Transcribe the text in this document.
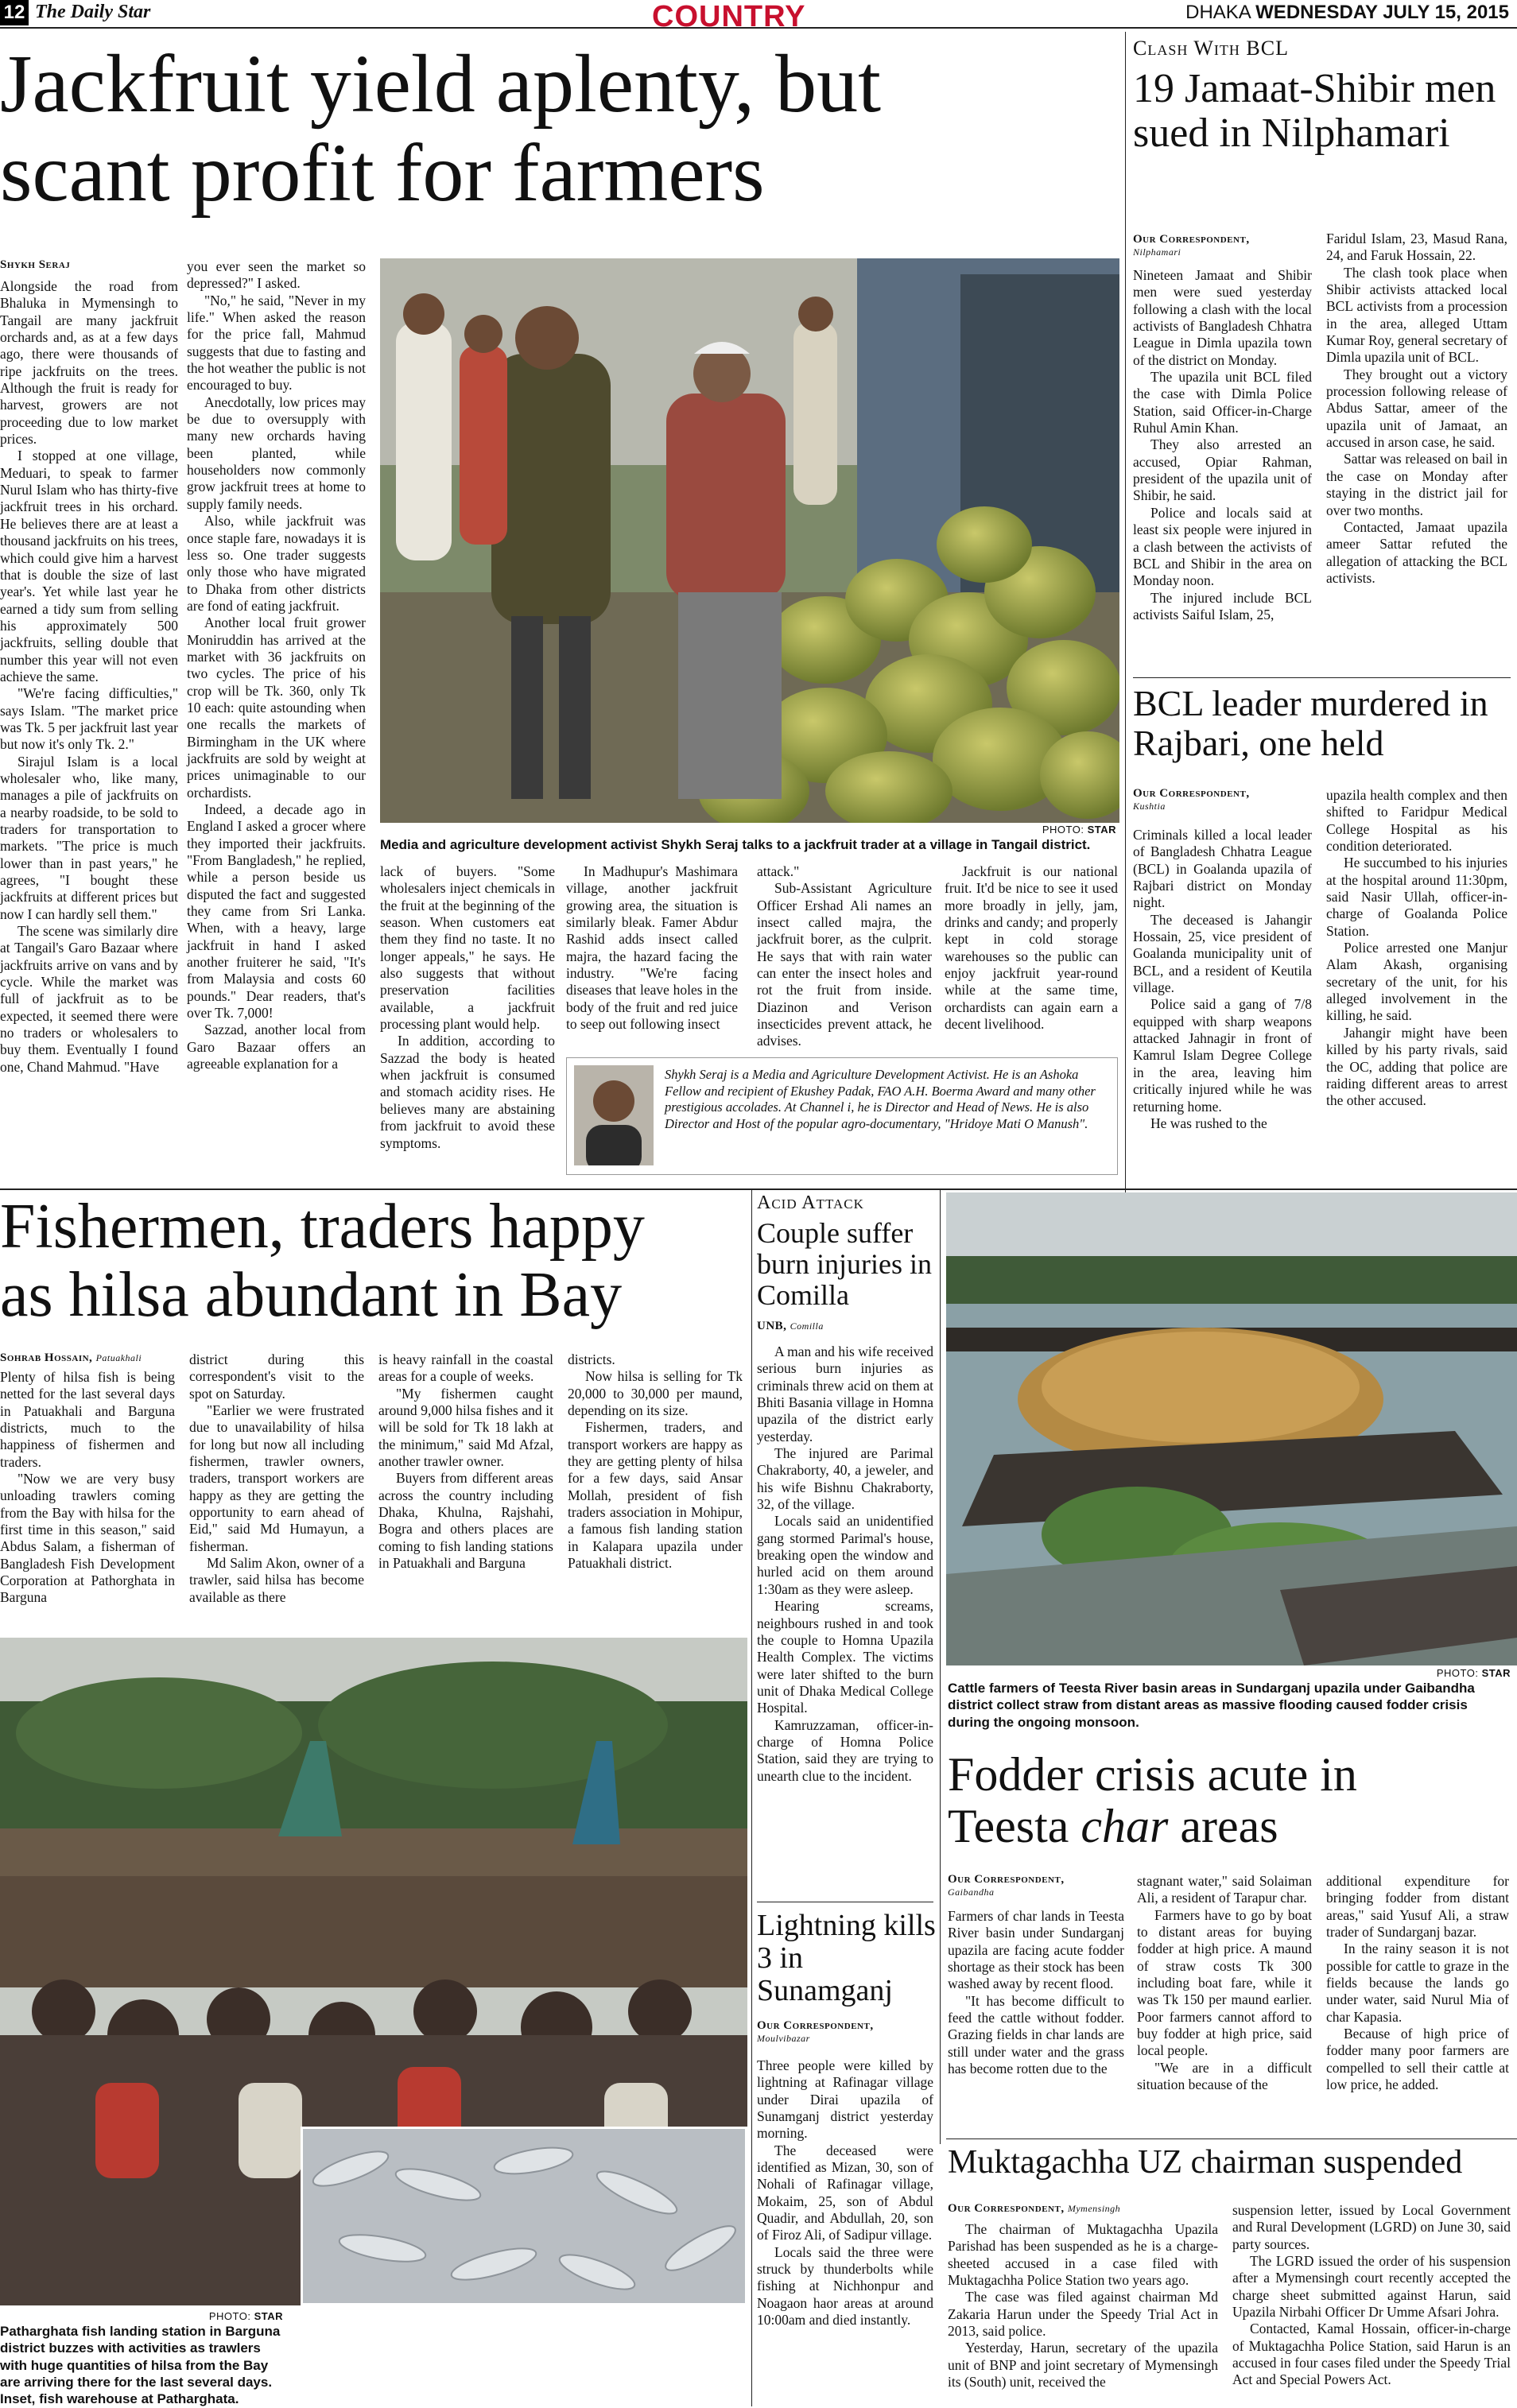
12 The Daily Star	COUNTRY	DHAKA WEDNESDAY JULY 15, 2015
Jackfruit yield aplenty, but
scant profit for farmers
Shykh Seraj

Alongside the road from Bhaluka in Mymensingh to Tangail are many jackfruit orchards and, as at a few days ago, there were thousands of ripe jackfruits on the trees. Although the fruit is ready for harvest, growers are not proceeding due to low market prices.

I stopped at one village, Meduari, to speak to farmer Nurul Islam who has thirty-five jackfruit trees in his orchard. He believes there are at least a thousand jackfruits on his trees, which could give him a harvest that is double the size of last year's. Yet while last year he earned a tidy sum from selling his approximately 500 jackfruits, selling double that number this year will not even achieve the same.

"We're facing difficulties," says Islam. "The market price was Tk. 5 per jackfruit last year but now it's only Tk. 2."

Sirajul Islam is a local wholesaler who, like many, manages a pile of jackfruits on a nearby roadside, to be sold to traders for transportation to markets. "The price is much lower than in past years," he agrees, "I bought these jackfruits at different prices but now I can hardly sell them."

The scene was similarly dire at Tangail's Garo Bazaar where jackfruits arrive on vans and by cycle. While the market was full of jackfruit as to be expected, it seemed there were no traders or wholesalers to buy them. Eventually I found one, Chand Mahmud. "Have

you ever seen the market so depressed?" I asked.

"No," he said, "Never in my life." When asked the reason for the price fall, Mahmud suggests that due to fasting and the hot weather the public is not encouraged to buy.

Anecdotally, low prices may be due to oversupply with many new orchards having been planted, while householders now commonly grow jackfruit trees at home to supply family needs.

Also, while jackfruit was once staple fare, nowadays it is less so. One trader suggests only those who have migrated to Dhaka from other districts are fond of eating jackfruit.

Another local fruit grower Moniruddin has arrived at the market with 36 jackfruits on two cycles. The price of his crop will be Tk. 360, only Tk 10 each: quite astounding when one recalls the markets of Birmingham in the UK where jackfruits are sold by weight at prices unimaginable to our orchardists.

Indeed, a decade ago in England I asked a grocer where they imported their jackfruits. "From Bangladesh," he replied, while a person beside us disputed the fact and suggested they came from Sri Lanka. When, with a heavy, large jackfruit in hand I asked another fruiterer he said, "It's from Malaysia and costs 60 pounds." Dear readers, that's over Tk. 7,000!

Sazzad, another local from Garo Bazaar offers an agreeable explanation for a

PHOTO: STAR
Media and agriculture development activist Shykh Seraj talks to a jackfruit trader at a village in Tangail district.

lack of buyers. "Some wholesalers inject chemicals in the fruit at the beginning of the season. When customers eat them they find no taste. It no longer appeals," he says. He also suggests that without preservation facilities available, a jackfruit processing plant would help.

In addition, according to Sazzad the body is heated when jackfruit is consumed and stomach acidity rises. He believes many are abstaining from jackfruit to avoid these symptoms.

In Madhupur's Mashimara village, another jackfruit growing area, the situation is similarly bleak. Famer Abdur Rashid adds insect called majra, the hazard facing the industry. "We're facing diseases that leave holes in the body of the fruit and red juice to seep out following insect

attack."

Sub-Assistant Agriculture Officer Ershad Ali names an insect called majra, the jackfruit borer, as the culprit. He says that with rain water can enter the insect holes and rot the fruit from inside. Diazinon and Verison insecticides prevent attack, he advises.

Jackfruit is our national fruit. It'd be nice to see it used more broadly in jelly, jam, drinks and candy; and properly kept in cold storage warehouses so the public can enjoy jackfruit year-round while at the same time, orchardists can again earn a decent livelihood.

Shykh Seraj is a Media and Agriculture Development Activist. He is an Ashoka Fellow and recipient of Ekushey Padak, FAO A.H. Boerma Award and many other prestigious accolades. At Channel i, he is Director and Head of News. He is also Director and Host of the popular agro-documentary, "Hridoye Mati O Manush".
Clash With BCL
19 Jamaat-Shibir men sued in Nilphamari
Our Correspondent,
Nilphamari

Nineteen Jamaat and Shibir men were sued yesterday following a clash with the local activists of Bangladesh Chhatra League in Dimla upazila town of the district on Monday.

The upazila unit BCL filed the case with Dimla Police Station, said Officer-in-Charge Ruhul Amin Khan.

They also arrested an accused, Opiar Rahman, president of the upazila unit of Shibir, he said.

Police and locals said at least six people were injured in a clash between the activists of BCL and Shibir in the area on Monday noon.

The injured include BCL activists Saiful Islam, 25,

Faridul Islam, 23, Masud Rana, 24, and Faruk Hossain, 22.

The clash took place when Shibir activists attacked local BCL activists from a procession in the area, alleged Uttam Kumar Roy, general secretary of Dimla upazila unit of BCL.

They brought out a victory procession following release of Abdus Sattar, ameer of the upazila unit of Jamaat, an accused in arson case, he said.

Sattar was released on bail in the case on Monday after staying in the district jail for over two months.

Contacted, Jamaat upazila ameer Sattar refuted the allegation of attacking the BCL activists.

BCL leader murdered in Rajbari, one held
Our Correspondent,
Kushtia

Criminals killed a local leader of Bangladesh Chhatra League (BCL) in Goalanda upazila of Rajbari district on Monday night.

The deceased is Jahangir Hossain, 25, vice president of Goalanda municipality unit of BCL, and a resident of Keutila village.

Police said a gang of 7/8 equipped with sharp weapons attacked Jahnagir in front of Kamrul Islam Degree College in the area, leaving him critically injured while he was returning home.

He was rushed to the

upazila health complex and then shifted to Faridpur Medical College Hospital as his condition deteriorated.

He succumbed to his injuries at the hospital around 11:30pm, said Nasir Ullah, officer-in-charge of Goalanda Police Station.

Police arrested one Manjur Alam Akash, organising secretary of the unit, for his alleged involvement in the killing, he said.

Jahangir might have been killed by his party rivals, said the OC, adding that police are raiding different areas to arrest the other accused.

Fishermen, traders happy
as hilsa abundant in Bay
Sohrab Hossain, Patuakhali

Plenty of hilsa fish is being netted for the last several days in Patuakhali and Barguna districts, much to the happiness of fishermen and traders.

"Now we are very busy unloading trawlers coming from the Bay with hilsa for the first time in this season," said Abdus Salam, a fisherman of Bangladesh Fish Development Corporation at Pathorghata in Barguna

district during this correspondent's visit to the spot on Saturday.

"Earlier we were frustrated due to unavailability of hilsa for long but now all including fishermen, trawler owners, traders, transport workers are happy as they are getting the opportunity to earn ahead of Eid," said Md Humayun, a fisherman.

Md Salim Akon, owner of a trawler, said hilsa has become available as there

is heavy rainfall in the coastal areas for a couple of weeks.

"My fishermen caught around 9,000 hilsa fishes and it will be sold for Tk 18 lakh at the minimum," said Md Afzal, another trawler owner.

Buyers from different areas across the country including Dhaka, Khulna, Rajshahi, Bogra and others places are coming to fish landing stations in Patuakhali and Barguna

districts.

Now hilsa is selling for Tk 20,000 to 30,000 per maund, depending on its size.

Fishermen, traders, and transport workers are happy as they are getting plenty of hilsa for a few days, said Ansar Mollah, president of fish traders association in Mohipur, a famous fish landing station in Kalapara upazila under Patuakhali district.

PHOTO: STAR
Patharghata fish landing station in Barguna district buzzes with activities as trawlers with huge quantities of hilsa from the Bay are arriving there for the last several days. Inset, fish warehouse at Patharghata.
Acid Attack
Couple suffer burn injuries in Comilla
UNB, Comilla

A man and his wife received serious burn injuries as criminals threw acid on them at Bhiti Basania village in Homna upazila of the district early yesterday.

The injured are Parimal Chakraborty, 40, a jeweler, and his wife Bishnu Chakraborty, 32, of the village.

Locals said an unidentified gang stormed Parimal's house, breaking open the window and hurled acid on them around 1:30am as they were asleep.

Hearing screams, neighbours rushed in and took the couple to Homna Upazila Health Complex. The victims were later shifted to the burn unit of Dhaka Medical College Hospital.

Kamruzzaman, officer-in-charge of Homna Police Station, said they are trying to unearth clue to the incident.

Lightning kills 3 in Sunamganj
Our Correspondent,
Moulvibazar

Three people were killed by lightning at Rafinagar village under Dirai upazila of Sunamganj district yesterday morning.

The deceased were identified as Mizan, 30, son of Nohali of Rafinagar village, Mokaim, 25, son of Abdul Quadir, and Abdullah, 20, son of Firoz Ali, of Sadipur village.

Locals said the three were struck by thunderbolts while fishing at Nichhonpur and Noagaon haor areas at around 10:00am and died instantly.

PHOTO: STAR
Cattle farmers of Teesta River basin areas in Sundarganj upazila under Gaibandha district collect straw from distant areas as massive flooding caused fodder crisis during the ongoing monsoon.
Fodder crisis acute in
Teesta char areas
Our Correspondent,
Gaibandha

Farmers of char lands in Teesta River basin under Sundarganj upazila are facing acute fodder shortage as their stock has been washed away by recent flood.

"It has become difficult to feed the cattle without fodder. Grazing fields in char lands are still under water and the grass has become rotten due to the

stagnant water," said Solaiman Ali, a resident of Tarapur char.

Farmers have to go by boat to distant areas for buying fodder at high price. A maund of straw costs Tk 300 including boat fare, while it was Tk 150 per maund earlier. Poor farmers cannot afford to buy fodder at high price, said local people.

"We are in a difficult situation because of the

additional expenditure for bringing fodder from distant areas," said Yusuf Ali, a straw trader of Sundarganj bazar.

In the rainy season it is not possible for cattle to graze in the fields because the lands go under water, said Nurul Mia of char Kapasia.

Because of high price of fodder many poor farmers are compelled to sell their cattle at low price, he added.

Muktagachha UZ chairman suspended
Our Correspondent, Mymensingh

The chairman of Muktagachha Upazila Parishad has been suspended as he is a charge-sheeted accused in a case filed with Muktagachha Police Station two years ago.

The case was filed against chairman Md Zakaria Harun under the Speedy Trial Act in 2013, said police.

Yesterday, Harun, secretary of the upazila unit of BNP and joint secretary of Mymensingh its (South) unit, received the

suspension letter, issued by Local Government and Rural Development (LGRD) on June 30, said party sources.

The LGRD issued the order of his suspension after a Mymensingh court recently accepted the charge sheet submitted against Harun, said Upazila Nirbahi Officer Dr Umme Afsari Johra.

Contacted, Kamal Hossain, officer-in-charge of Muktagachha Police Station, said Harun is an accused in four cases filed under the Speedy Trial Act and Special Powers Act.
